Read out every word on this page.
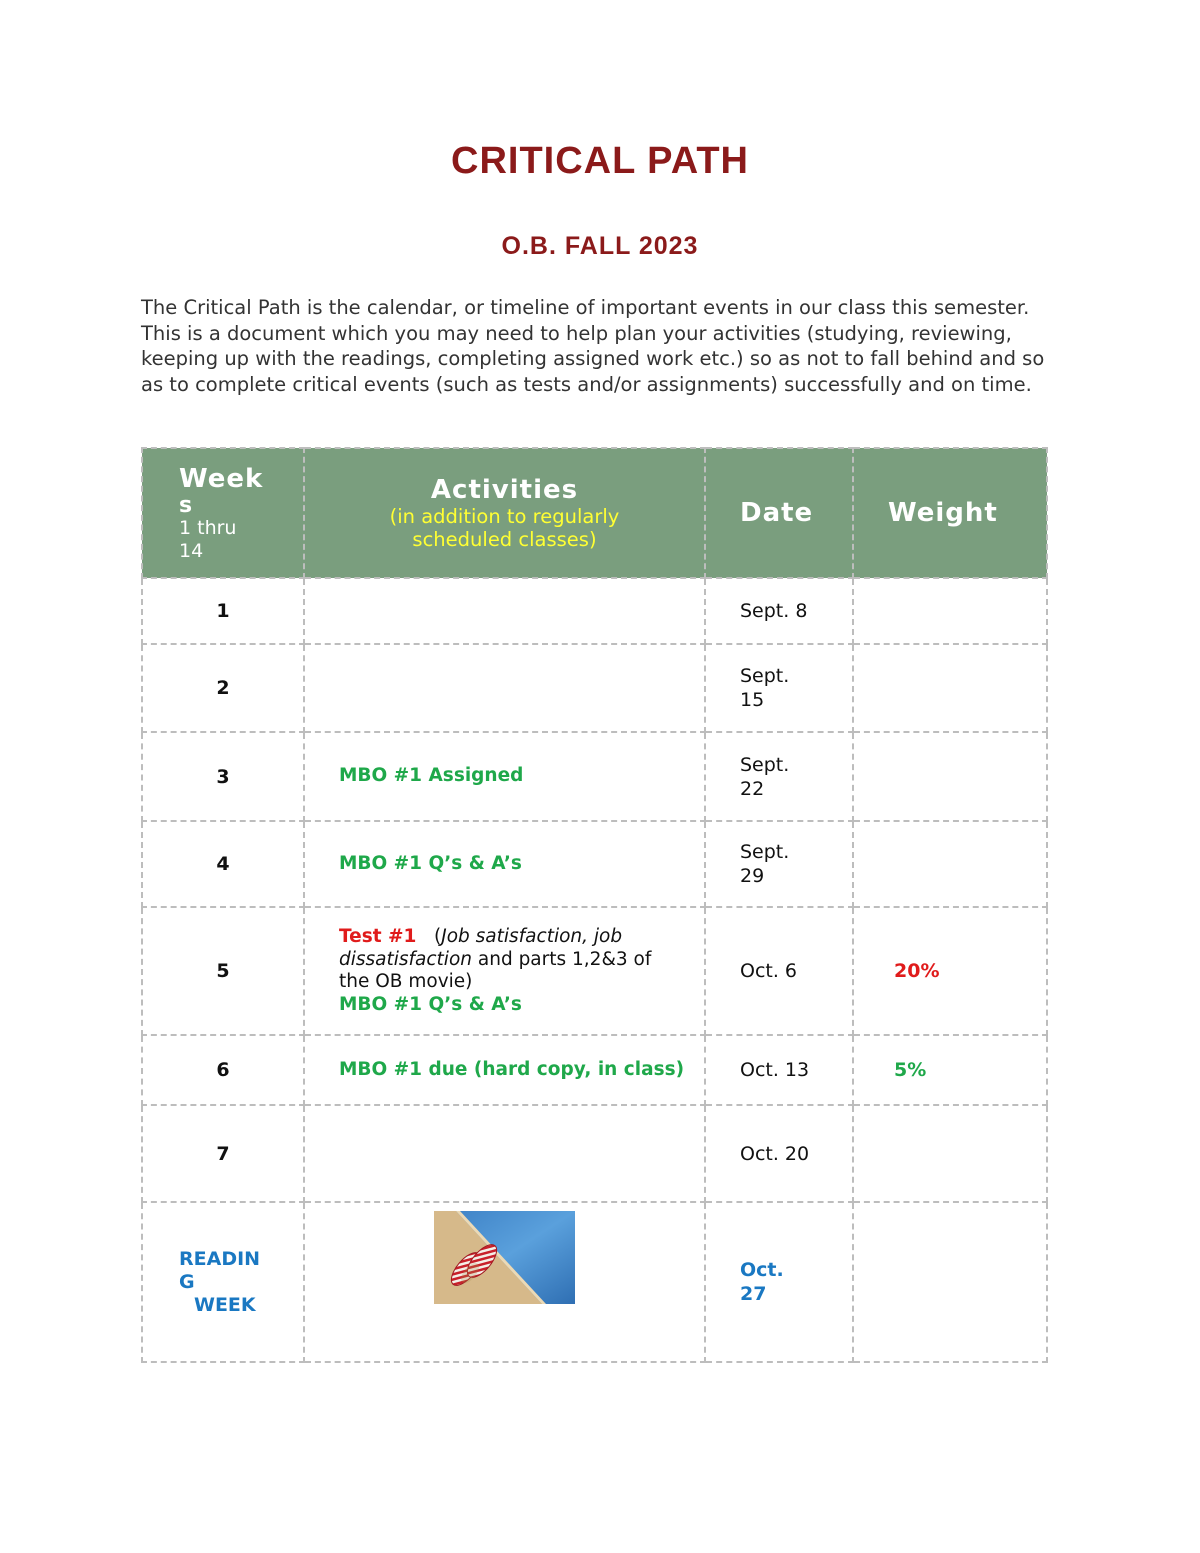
CRITICAL PATH
O.B. FALL 2023
The Critical Path is the calendar, or timeline of important events in our class this semester. This is a document which you may need to help plan your activities (studying, reviewing, keeping up with the readings, completing assigned work etc.) so as not to fall behind and so as to complete critical events (such as tests and/or assignments) successfully and on time.
Week
s
1 thru
14	Activities
(in addition to regularly
scheduled classes)	Date	Weight
1		Sept. 8	
2		Sept.
15	
3	MBO #1 Assigned	Sept.
22	
4	MBO #1 Q’s & A’s	Sept.
29	
5	Test #1 (Job satisfaction, job dissatisfaction and parts 1,2&3 of the OB movie)
MBO #1 Q’s & A’s	Oct. 6	20%
6	MBO #1 due (hard copy, in class)	Oct. 13	5%
7		Oct. 20	
READIN
G
WEEK		Oct.
27	
